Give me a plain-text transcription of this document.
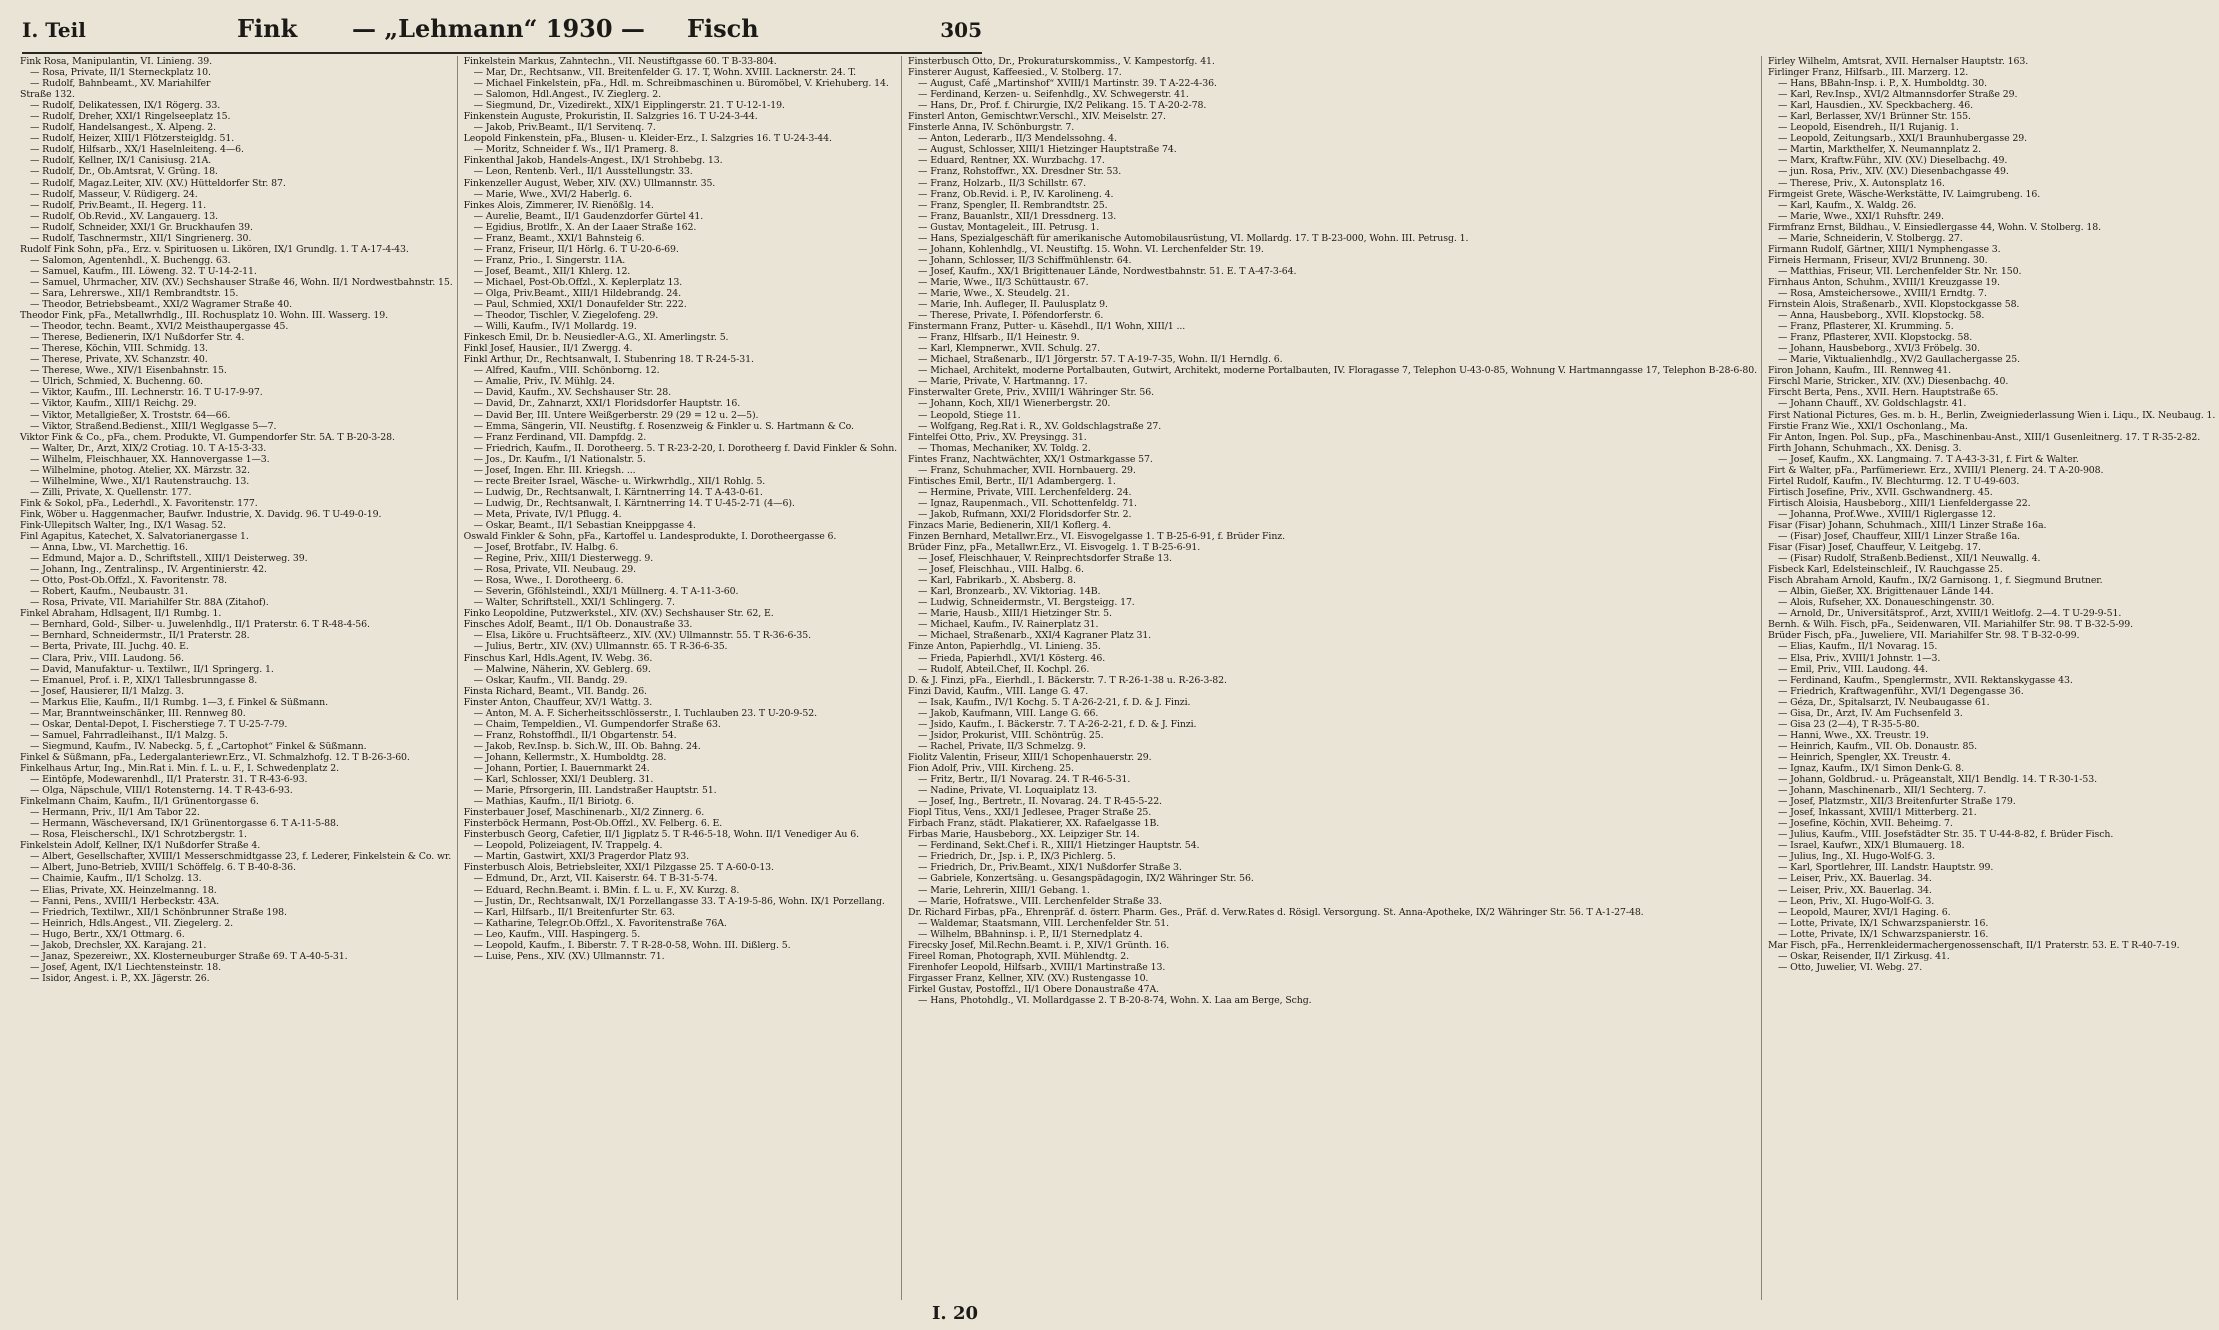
I. Teil	Fink — „Lehmann“ 1930 — Fisch	305
Fink Rosa, Manipulantin, VI. Linieng. 39.
— Rosa, Private, II/1 Sterneckplatz 10.
— Rudolf, Bahnbeamt., XV. Mariahilfer
Straße 132.
— Rudolf, Delikatessen, IX/1 Rögerg. 33.
— Rudolf, Dreher, XXI/1 Ringelseeplatz 15.
— Rudolf, Handelsangest., X. Alpeng. 2.
— Rudolf, Heizer, XIII/1 Flötzersteigldg. 51.
— Rudolf, Hilfsarb., XX/1 Haselnleiteng. 4—6.
— Rudolf, Kellner, IX/1 Canisiusg. 21A.
— Rudolf, Dr., Ob.Amtsrat, V. Grüng. 18.
— Rudolf, Magaz.Leiter, XIV. (XV.) Hütteldorfer Str. 87.
— Rudolf, Masseur, V. Rüdigerg. 24.
— Rudolf, Priv.Beamt., II. Hegerg. 11.
— Rudolf, Ob.Revid., XV. Langauerg. 13.
— Rudolf, Schneider, XXI/1 Gr. Bruckhaufen 39.
— Rudolf, Taschnermstr., XII/1 Singrienerg. 30.
Rudolf Fink Sohn, pFa., Erz. v. Spirituosen u. Likören, IX/1 Grundlg. 1. T A-17-4-43.
— Salomon, Agentenhdl., X. Buchengg. 63.
— Samuel, Kaufm., III. Löweng. 32. T U-14-2-11.
— Samuel, Uhrmacher, XIV. (XV.) Sechshauser Straße 46, Wohn. II/1 Nordwestbahnstr. 15.
— Sara, Lehrerswe., XII/1 Rembrandtstr. 15.
— Theodor, Betriebsbeamt., XXI/2 Wagramer Straße 40.
Theodor Fink, pFa., Metallwrhdlg., III. Rochusplatz 10. Wohn. III. Wasserg. 19.
— Theodor, techn. Beamt., XVI/2 Meisthaupergasse 45.
— Therese, Bedienerin, IX/1 Nußdorfer Str. 4.
— Therese, Köchin, VIII. Schmidg. 13.
— Therese, Private, XV. Schanzstr. 40.
— Therese, Wwe., XIV/1 Eisenbahnstr. 15.
— Ulrich, Schmied, X. Buchenng. 60.
— Viktor, Kaufm., III. Lechnerstr. 16. T U-17-9-97.
— Viktor, Kaufm., XIII/1 Reichg. 29.
— Viktor, Metallgießer, X. Troststr. 64—66.
— Viktor, Straßend.Bedienst., XIII/1 Weglgasse 5—7.
Viktor Fink & Co., pFa., chem. Produkte, VI. Gumpendorfer Str. 5A. T B-20-3-28.
— Walter, Dr., Arzt, XIX/2 Crotiag. 10. T A-15-3-33.
— Wilhelm, Fleischhauer, XX. Hannovergasse 1—3.
— Wilhelmine, photog. Atelier, XX. Märzstr. 32.
— Wilhelmine, Wwe., XI/1 Rautenstrauchg. 13.
— Zilli, Private, X. Quellenstr. 177.
Fink & Sokol, pFa., Lederhdl., X. Favoritenstr. 177.
Fink, Wöber u. Haggenmacher, Baufwr. Industrie, X. Davidg. 96. T U-49-0-19.
Fink-Ullepitsch Walter, Ing., IX/1 Wasag. 52.
Finl Agapitus, Katechet, X. Salvatorianergasse 1.
— Anna, Lbw., VI. Marchettig. 16.
— Edmund, Major a. D., Schriftstell., XIII/1 Deisterweg. 39.
— Johann, Ing., Zentralinsp., IV. Argentinierstr. 42.
— Otto, Post-Ob.Offzl., X. Favoritenstr. 78.
— Robert, Kaufm., Neubaustr. 31.
— Rosa, Private, VII. Mariahilfer Str. 88A (Zitahof).
Finkel Abraham, Hdlsagent, II/1 Rumbg. 1.
— Bernhard, Gold-, Silber- u. Juwelenhdlg., II/1 Praterstr. 6. T R-48-4-56.
— Bernhard, Schneidermstr., II/1 Praterstr. 28.
— Berta, Private, III. Juchg. 40. E.
— Clara, Priv., VIII. Laudong. 56.
— David, Manufaktur- u. Textilwr., II/1 Springerg. 1.
— Emanuel, Prof. i. P., XIX/1 Tallesbrunngasse 8.
— Josef, Hausierer, II/1 Malzg. 3.
— Markus Elie, Kaufm., II/1 Rumbg. 1—3, f. Finkel & Süßmann.
— Mar, Branntweinschänker, III. Rennweg 80.
— Oskar, Dental-Depot, I. Fischerstiege 7. T U-25-7-79.
— Samuel, Fahrradleihanst., II/1 Malzg. 5.
— Siegmund, Kaufm., IV. Nabeckg. 5, f. „Cartophot“ Finkel & Süßmann.
Finkel & Süßmann, pFa., Ledergalanteriewr.Erz., VI. Schmalzhofg. 12. T B-26-3-60.
Finkelhaus Artur, Ing., Min.Rat i. Min. f. L. u. F., I. Schwedenplatz 2.
— Eintöpfe, Modewarenhdl., II/1 Praterstr. 31. T R-43-6-93.
— Olga, Näpschule, VIII/1 Rotensterng. 14. T R-43-6-93.
Finkelmann Chaim, Kaufm., II/1 Grünentorgasse 6.
— Hermann, Priv., II/1 Am Tabor 22.
— Hermann, Wäscheversand, IX/1 Grünentorgasse 6. T A-11-5-88.
— Rosa, Fleischerschl., IX/1 Schrotzbergstr. 1.
Finkelstein Adolf, Kellner, IX/1 Nußdorfer Straße 4.
— Albert, Gesellschafter, XVIII/1 Messerschmidtgasse 23, f. Lederer, Finkelstein & Co. wr.
— Albert, Juno-Betrieb, XVIII/1 Schöffelg. 6. T B-40-8-36.
— Chaimie, Kaufm., II/1 Scholzg. 13.
— Elias, Private, XX. Heinzelmanng. 18.
— Fanni, Pens., XVIII/1 Herbeckstr. 43A.
— Friedrich, Textilwr., XII/1 Schönbrunner Straße 198.
— Heinrich, Hdls.Angest., VII. Ziegelerg. 2.
— Hugo, Bertr., XX/1 Ottmarg. 6.
— Jakob, Drechsler, XX. Karajang. 21.
— Janaz, Spezereiwr., XX. Klosterneuburger Straße 69. T A-40-5-31.
— Josef, Agent, IX/1 Liechtensteinstr. 18.
— Isidor, Angest. i. P., XX. Jägerstr. 26.
Finkelstein Markus, Zahntechn., VII. Neustiftgasse 60. T B-33-804.
— Mar, Dr., Rechtsanw., VII. Breitenfelder G. 17. T, Wohn. XVIII. Lacknerstr. 24. T.
— Michael Finkelstein, pFa., Hdl. m. Schreibmaschinen u. Büromöbel, V. Kriehuberg. 14.
— Salomon, Hdl.Angest., IV. Zieglerg. 2.
— Siegmund, Dr., Vizedirekt., XIX/1 Eipplingerstr. 21. T U-12-1-19.
Finkenstein Auguste, Prokuristin, II. Salzgries 16. T U-24-3-44.
— Jakob, Priv.Beamt., II/1 Servitenq. 7.
Leopold Finkenstein, pFa., Blusen- u. Kleider-Erz., I. Salzgries 16. T U-24-3-44.
— Moritz, Schneider f. Ws., II/1 Pramerg. 8.
Finkenthal Jakob, Handels-Angest., IX/1 Strohbebg. 13.
— Leon, Rentenb. Verl., II/1 Ausstellungstr. 33.
Finkenzeller August, Weber, XIV. (XV.) Ullmannstr. 35.
— Marie, Wwe., XVI/2 Haberlg. 6.
Finkes Alois, Zimmerer, IV. Rienößlg. 14.
— Aurelie, Beamt., II/1 Gaudenzdorfer Gürtel 41.
— Egidius, Brotlfr., X. An der Laaer Straße 162.
— Franz, Beamt., XXI/1 Bahnsteig 6.
— Franz, Friseur, II/1 Hörlg. 6. T U-20-6-69.
— Franz, Prio., I. Singerstr. 11A.
— Josef, Beamt., XII/1 Khlerg. 12.
— Michael, Post-Ob.Offzl., X. Keplerplatz 13.
— Olga, Priv.Beamt., XIII/1 Hildebrandg. 24.
— Paul, Schmied, XXI/1 Donaufelder Str. 222.
— Theodor, Tischler, V. Ziegelofeng. 29.
— Willi, Kaufm., IV/1 Mollardg. 19.
Finkesch Emil, Dr. b. Neusiedler-A.G., XI. Amerlingstr. 5.
Finkl Josef, Hausier., II/1 Zwergg. 4.
Finkl Arthur, Dr., Rechtsanwalt, I. Stubenring 18. T R-24-5-31.
— Alfred, Kaufm., VIII. Schönborng. 12.
— Amalie, Priv., IV. Mühlg. 24.
— David, Kaufm., XV. Sechshauser Str. 28.
— David, Dr., Zahnarzt, XXI/1 Floridsdorfer Hauptstr. 16.
— David Ber, III. Untere Weißgerberstr. 29 (29 = 12 u. 2—5).
— Emma, Sängerin, VII. Neustiftg. f. Rosenzweig & Finkler u. S. Hartmann & Co.
— Franz Ferdinand, VII. Dampfdg. 2.
— Friedrich, Kaufm., II. Dorotheerg. 5. T R-23-2-20, I. Dorotheerg f. David Finkler & Sohn.
— Jos., Dr. Kaufm., I/1 Nationalstr. 5.
— Josef, Ingen. Ehr. III. Kriegsh. ...
— recte Breiter Israel, Wäsche- u. Wirkwrhdlg., XII/1 Rohlg. 5.
— Ludwig, Dr., Rechtsanwalt, I. Kärntnerring 14. T A-43-0-61.
— Ludwig, Dr., Rechtsanwalt, I. Kärntnerring 14. T U-45-2-71 (4—6).
— Meta, Private, IV/1 Pflugg. 4.
— Oskar, Beamt., II/1 Sebastian Kneippgasse 4.
Oswald Finkler & Sohn, pFa., Kartoffel u. Landesprodukte, I. Dorotheergasse 6.
— Josef, Brotfabr., IV. Halbg. 6.
— Regine, Priv., XIII/1 Diesterwegg. 9.
— Rosa, Private, VII. Neubaug. 29.
— Rosa, Wwe., I. Dorotheerg. 6.
— Severin, Gföhlsteindl., XXI/1 Müllnerg. 4. T A-11-3-60.
— Walter, Schriftstell., XXI/1 Schlingerg. 7.
Finko Leopoldine, Putzwerkstel., XIV. (XV.) Sechshauser Str. 62, E.
Finsches Adolf, Beamt., II/1 Ob. Donaustraße 33.
— Elsa, Liköre u. Fruchtsäfteerz., XIV. (XV.) Ullmannstr. 55. T R-36-6-35.
— Julius, Bertr., XIV. (XV.) Ullmannstr. 65. T R-36-6-35.
Finschus Karl, Hdls.Agent, IV. Webg. 36.
— Malwine, Näherin, XV. Geblerg. 69.
— Oskar, Kaufm., VII. Bandg. 29.
Finsta Richard, Beamt., VII. Bandg. 26.
Finster Anton, Chauffeur, XV/1 Wattg. 3.
— Anton, M. A. F. Sicherheitsschlösserstr., I. Tuchlauben 23. T U-20-9-52.
— Chaim, Tempeldien., VI. Gumpendorfer Straße 63.
— Franz, Rohstoffhdl., II/1 Obgartenstr. 54.
— Jakob, Rev.Insp. b. Sich.W., III. Ob. Bahng. 24.
— Johann, Kellermstr., X. Humboldtg. 28.
— Johann, Portier, I. Bauernmarkt 24.
— Karl, Schlosser, XXI/1 Deublerg. 31.
— Marie, Pfrsorgerin, III. Landstraßer Hauptstr. 51.
— Mathias, Kaufm., II/1 Biriotg. 6.
Finsterbauer Josef, Maschinenarb., XI/2 Zinnerg. 6.
Finsterböck Hermann, Post-Ob.Offzl., XV. Felberg. 6. E.
Finsterbusch Georg, Cafetier, II/1 Jigplatz 5. T R-46-5-18, Wohn. II/1 Venediger Au 6.
— Leopold, Polizeiagent, IV. Trappelg. 4.
— Martin, Gastwirt, XXI/3 Pragerdor Platz 93.
Finsterbusch Alois, Betriebsleiter, XXI/1 Pilzgasse 25. T A-60-0-13.
— Edmund, Dr., Arzt, VII. Kaiserstr. 64. T B-31-5-74.
— Eduard, Rechn.Beamt. i. BMin. f. L. u. F., XV. Kurzg. 8.
— Justin, Dr., Rechtsanwalt, IX/1 Porzellangasse 33. T A-19-5-86, Wohn. IX/1 Porzellang.
— Karl, Hilfsarb., II/1 Breitenfurter Str. 63.
— Katharine, Telegr.Ob.Offzl., X. Favoritenstraße 76A.
— Leo, Kaufm., VIII. Haspingerg. 5.
— Leopold, Kaufm., I. Biberstr. 7. T R-28-0-58, Wohn. III. Dißlerg. 5.
— Luise, Pens., XIV. (XV.) Ullmannstr. 71.
Finsterbusch Otto, Dr., Prokuraturskommiss., V. Kampestorfg. 41.
Finsterer August, Kaffeesied., V. Stolberg. 17.
— August, Café „Martinshof“ XVIII/1 Martinstr. 39. T A-22-4-36.
— Ferdinand, Kerzen- u. Seifenhdlg., XV. Schwegerstr. 41.
— Hans, Dr., Prof. f. Chirurgie, IX/2 Pelikang. 15. T A-20-2-78.
Finsterl Anton, Gemischtwr.Verschl., XIV. Meiselstr. 27.
Finsterle Anna, IV. Schönburgstr. 7.
— Anton, Lederarb., II/3 Mendelssohng. 4.
— August, Schlosser, XIII/1 Hietzinger Hauptstraße 74.
— Eduard, Rentner, XX. Wurzbachg. 17.
— Franz, Rohstoffwr., XX. Dresdner Str. 53.
— Franz, Holzarb., II/3 Schillstr. 67.
— Franz, Ob.Revid. i. P., IV. Karolineng. 4.
— Franz, Spengler, II. Rembrandtstr. 25.
— Franz, Bauanlstr., XII/1 Dressdnerg. 13.
— Gustav, Montageleit., III. Petrusg. 1.
— Hans, Spezialgeschäft für amerikanische Automobilausrüstung, VI. Mollardg. 17. T B-23-000, Wohn. III. Petrusg. 1.
— Johann, Kohlenhdlg., VI. Neustiftg. 15. Wohn. VI. Lerchenfelder Str. 19.
— Johann, Schlosser, II/3 Schiffmühlenstr. 64.
— Josef, Kaufm., XX/1 Brigittenauer Lände, Nordwestbahnstr. 51. E. T A-47-3-64.
— Marie, Wwe., II/3 Schüttaustr. 67.
— Marie, Wwe., X. Steudelg. 21.
— Marie, Inh. Aufleger, II. Paulusplatz 9.
— Therese, Private, I. Pöfendorferstr. 6.
Finstermann Franz, Putter- u. Käsehdl., II/1 Wohn, XIII/1 ...
— Franz, Hlfsarb., II/1 Heinestr. 9.
— Karl, Klempnerwr., XVII. Schulg. 27.
— Michael, Straßenarb., II/1 Jörgerstr. 57. T A-19-7-35, Wohn. II/1 Herndlg. 6.
— Michael, Architekt, moderne Portalbauten, Gutwirt, Architekt, moderne Portalbauten, IV. Floragasse 7, Telephon U-43-0-85, Wohnung V. Hartmanngasse 17, Telephon B-28-6-80.
— Marie, Private, V. Hartmanng. 17.
Finsterwalter Grete, Priv., XVIII/1 Währinger Str. 56.
— Johann, Koch, XII/1 Wienerbergstr. 20.
— Leopold, Stiege 11.
— Wolfgang, Reg.Rat i. R., XV. Goldschlagstraße 27.
Fintelfei Otto, Priv., XV. Preysingg. 31.
— Thomas, Mechaniker, XV. Toldg. 2.
Fintes Franz, Nachtwächter, XX/1 Ostmarkgasse 57.
— Franz, Schuhmacher, XVII. Hornbauerg. 29.
Fintisches Emil, Bertr., II/1 Adambergerg. 1.
— Hermine, Private, VIII. Lerchenfelderg. 24.
— Ignaz, Raupenmach., VII. Schottenfeldg. 71.
— Jakob, Rufmann, XXI/2 Floridsdorfer Str. 2.
Finzacs Marie, Bedienerin, XII/1 Koflerg. 4.
Finzen Bernhard, Metallwr.Erz., VI. Eisvogelgasse 1. T B-25-6-91, f. Brüder Finz.
Brüder Finz, pFa., Metallwr.Erz., VI. Eisvogelg. 1. T B-25-6-91.
— Josef, Fleischhauer, V. Reinprechtsdorfer Straße 13.
— Josef, Fleischhau., VIII. Halbg. 6.
— Karl, Fabrikarb., X. Absberg. 8.
— Karl, Bronzearb., XV. Viktoriag. 14B.
— Ludwig, Schneidermstr., VI. Bergsteigg. 17.
— Marie, Hausb., XIII/1 Hietzinger Str. 5.
— Michael, Kaufm., IV. Rainerplatz 31.
— Michael, Straßenarb., XXI/4 Kagraner Platz 31.
Finze Anton, Papierhdlg., VI. Linieng. 35.
— Frieda, Papierhdl., XVI/1 Kösterg. 46.
— Rudolf, Abteil.Chef, II. Kochpl. 26.
D. & J. Finzi, pFa., Eierhdl., I. Bäckerstr. 7. T R-26-1-38 u. R-26-3-82.
Finzi David, Kaufm., VIII. Lange G. 47.
— Isak, Kaufm., IV/1 Kochg. 5. T A-26-2-21, f. D. & J. Finzi.
— Jakob, Kaufmann, VIII. Lange G. 66.
— Jsido, Kaufm., I. Bäckerstr. 7. T A-26-2-21, f. D. & J. Finzi.
— Jsidor, Prokurist, VIII. Schöntrüg. 25.
— Rachel, Private, II/3 Schmelzg. 9.
Fiolitz Valentin, Friseur, XIII/1 Schopenhauerstr. 29.
Fion Adolf, Priv., VIII. Kircheng. 25.
— Fritz, Bertr., II/1 Novarag. 24. T R-46-5-31.
— Nadine, Private, VI. Loquaiplatz 13.
— Josef, Ing., Bertretr., II. Novarag. 24. T R-45-5-22.
Fiopl Titus, Vens., XXI/1 Jedlesee, Prager Straße 25.
Firbach Franz, städt. Plakatierer, XX. Rafaelgasse 1B.
Firbas Marie, Hausbeborg., XX. Leipziger Str. 14.
— Ferdinand, Sekt.Chef i. R., XIII/1 Hietzinger Hauptstr. 54.
— Friedrich, Dr., Jsp. i. P., IX/3 Pichlerg. 5.
— Friedrich, Dr., Priv.Beamt., XIX/1 Nußdorfer Straße 3.
— Gabriele, Konzertsäng. u. Gesangspädagogin, IX/2 Währinger Str. 56.
— Marie, Lehrerin, XIII/1 Gebang. 1.
— Marie, Hofratswe., VIII. Lerchenfelder Straße 33.
Dr. Richard Firbas, pFa., Ehrenpräf. d. österr. Pharm. Ges., Präf. d. Verw.Rates d. Rösigl. Versorgung. St. Anna-Apotheke, IX/2 Währinger Str. 56. T A-1-27-48.
— Waldemar, Staatsmann, VIII. Lerchenfelder Str. 51.
— Wilhelm, BBahninsp. i. P., II/1 Sternedplatz 4.
Firecsky Josef, Mil.Rechn.Beamt. i. P., XIV/1 Grünth. 16.
Fireel Roman, Photograph, XVII. Mühlendtg. 2.
Firenhofer Leopold, Hilfsarb., XVIII/1 Martinstraße 13.
Firgasser Franz, Kellner, XIV. (XV.) Rustengasse 10.
Firkel Gustav, Postoffzl., II/1 Obere Donaustraße 47A.
— Hans, Photohdlg., VI. Mollardgasse 2. T B-20-8-74, Wohn. X. Laa am Berge, Schg.
Firley Wilhelm, Amtsrat, XVII. Hernalser Hauptstr. 163.
Firlinger Franz, Hilfsarb., III. Marzerg. 12.
— Hans, BBahn-Insp. i. P., X. Humboldtg. 30.
— Karl, Rev.Insp., XVI/2 Altmannsdorfer Straße 29.
— Karl, Hausdien., XV. Speckbacherg. 46.
— Karl, Berlasser, XV/1 Brünner Str. 155.
— Leopold, Eisendreh., II/1 Rujanig. 1.
— Leopold, Zeitungsarb., XXI/1 Braunhubergasse 29.
— Martin, Markthelfer, X. Neumannplatz 2.
— Marx, Kraftw.Führ., XIV. (XV.) Dieselbachg. 49.
— jun. Rosa, Priv., XIV. (XV.) Diesenbachgasse 49.
— Therese, Priv., X. Autonsplatz 16.
Firmgeist Grete, Wäsche-Werkstätte, IV. Laimgrubeng. 16.
— Karl, Kaufm., X. Waldg. 26.
— Marie, Wwe., XXI/1 Ruhsftr. 249.
Firmfranz Ernst, Bildhau., V. Einsiedlergasse 44, Wohn. V. Stolberg. 18.
— Marie, Schneiderin, V. Stolbergg. 27.
Firmann Rudolf, Gärtner, XIII/1 Nymphengasse 3.
Firneis Hermann, Friseur, XVI/2 Brunneng. 30.
— Matthias, Friseur, VII. Lerchenfelder Str. Nr. 150.
Firnhaus Anton, Schuhm., XVIII/1 Kreuzgasse 19.
— Rosa, Amsteichersowe., XVIII/1 Erndtg. 7.
Firnstein Alois, Straßenarb., XVII. Klopstockgasse 58.
— Anna, Hausbeborg., XVII. Klopstockg. 58.
— Franz, Pflasterer, XI. Krumming. 5.
— Franz, Pflasterer, XVII. Klopstockg. 58.
— Johann, Hausbeborg., XVI/3 Fröbelg. 30.
— Marie, Viktualienhdlg., XV/2 Gaullachergasse 25.
Firon Johann, Kaufm., III. Rennweg 41.
Firschl Marie, Stricker., XIV. (XV.) Diesenbachg. 40.
Firscht Berta, Pens., XVII. Hern. Hauptstraße 65.
— Johann Chauff., XV. Goldschlagstr. 41.
First National Pictures, Ges. m. b. H., Berlin, Zweigniederlassung Wien i. Liqu., IX. Neubaug. 1.
Firstie Franz Wie., XXI/1 Oschonlang., Ma.
Fir Anton, Ingen. Pol. Sup., pFa., Maschinenbau-Anst., XIII/1 Gusenleitnerg. 17. T R-35-2-82.
Firth Johann, Schuhmach., XX. Denisg. 3.
— Josef, Kaufm., XX. Langmaing. 7. T A-43-3-31, f. Firt & Walter.
Firt & Walter, pFa., Parfümeriewr. Erz., XVIII/1 Plenerg. 24. T A-20-908.
Firtel Rudolf, Kaufm., IV. Blechturmg. 12. T U-49-603.
Firtisch Josefine, Priv., XVII. Gschwandnerg. 45.
Firtisch Aloisia, Hausbeborg., XIII/1 Lienfeldergasse 22.
— Johanna, Prof.Wwe., XVIII/1 Riglergasse 12.
Fisar (Fisar) Johann, Schuhmach., XIII/1 Linzer Straße 16a.
— (Fisar) Josef, Chauffeur, XIII/1 Linzer Straße 16a.
Fisar (Fisar) Josef, Chauffeur, V. Leitgebg. 17.
— (Fisar) Rudolf, Straßenb.Bedienst., XII/1 Neuwallg. 4.
Fisbeck Karl, Edelsteinschleif., IV. Rauchgasse 25.
Fisch Abraham Arnold, Kaufm., IX/2 Garnisong. 1, f. Siegmund Brutner.
— Albin, Gießer, XX. Brigittenauer Lände 144.
— Alois, Rufseher, XX. Donaueschingenstr. 30.
— Arnold, Dr., Universitätsprof., Arzt, XVIII/1 Weitlofg. 2—4. T U-29-9-51.
Bernh. & Wilh. Fisch, pFa., Seidenwaren, VII. Mariahilfer Str. 98. T B-32-5-99.
Brüder Fisch, pFa., Juweliere, VII. Mariahilfer Str. 98. T B-32-0-99.
— Elias, Kaufm., II/1 Novarag. 15.
— Elsa, Priv., XVIII/1 Johnstr. 1—3.
— Emil, Priv., VIII. Laudong. 44.
— Ferdinand, Kaufm., Spenglermstr., XVII. Rektanskygasse 43.
— Friedrich, Kraftwagenführ., XVI/1 Degengasse 36.
— Géza, Dr., Spitalsarzt, IV. Neubaugasse 61.
— Gisa, Dr., Arzt, IV. Am Fuchsenfeld 3.
— Gisa 23 (2—4), T R-35-5-80.
— Hanni, Wwe., XX. Treustr. 19.
— Heinrich, Kaufm., VII. Ob. Donaustr. 85.
— Heinrich, Spengler, XX. Treustr. 4.
— Ignaz, Kaufm., IX/1 Simon Denk-G. 8.
— Johann, Goldbrud.- u. Prägeanstalt, XII/1 Bendlg. 14. T R-30-1-53.
— Johann, Maschinenarb., XII/1 Sechterg. 7.
— Josef, Platzmstr., XII/3 Breitenfurter Straße 179.
— Josef, Inkassant, XVIII/1 Mitterberg. 21.
— Josefine, Köchin, XVII. Beheimg. 7.
— Julius, Kaufm., VIII. Josefstädter Str. 35. T U-44-8-82, f. Brüder Fisch.
— Israel, Kaufwr., XIX/1 Blumauerg. 18.
— Julius, Ing., XI. Hugo-Wolf-G. 3.
— Karl, Sportlehrer, III. Landstr. Hauptstr. 99.
— Leiser, Priv., XX. Bauerlag. 34.
— Leiser, Priv., XX. Bauerlag. 34.
— Leon, Priv., XI. Hugo-Wolf-G. 3.
— Leopold, Maurer, XVI/1 Haging. 6.
— Lotte, Private, IX/1 Schwarzspanierstr. 16.
— Lotte, Private, IX/1 Schwarzspanierstr. 16.
Mar Fisch, pFa., Herrenkleidermachergenossenschaft, II/1 Praterstr. 53. E. T R-40-7-19.
— Oskar, Reisender, II/1 Zirkusg. 41.
— Otto, Juwelier, VI. Webg. 27.
I. 20
